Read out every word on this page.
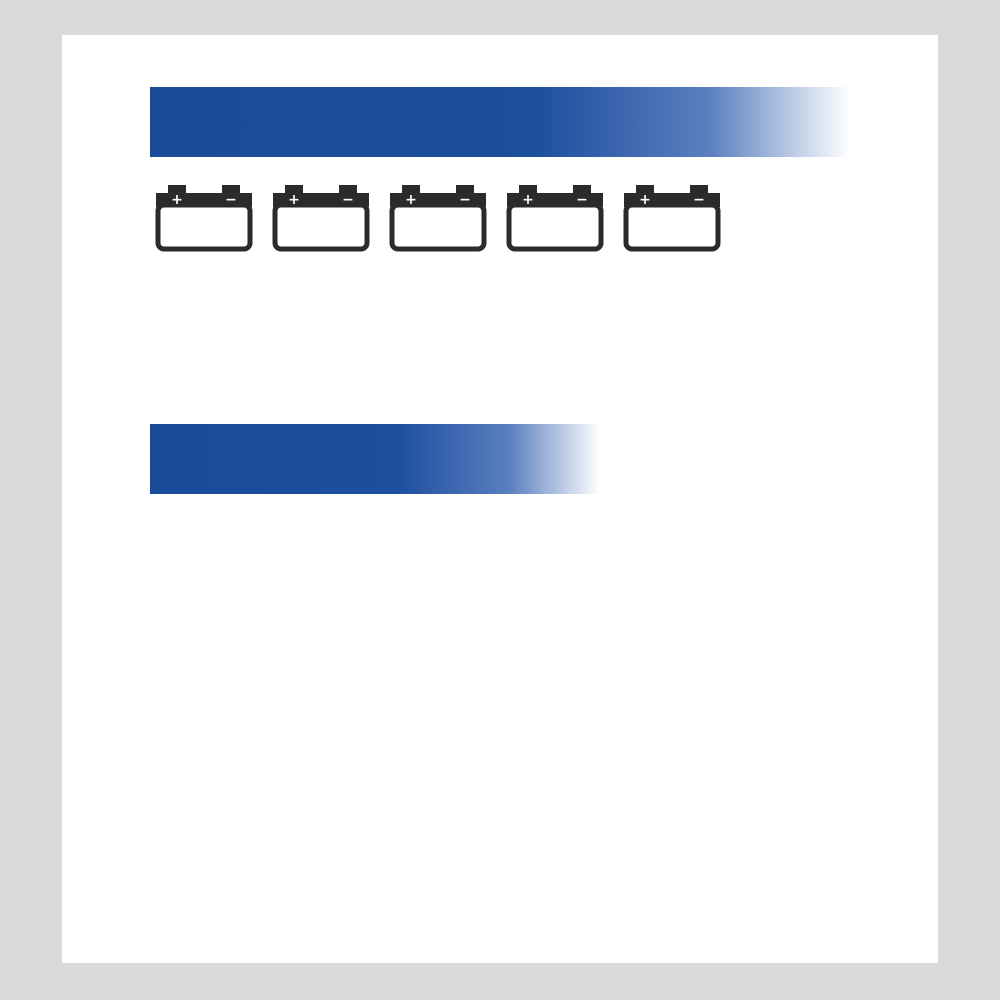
+	−	+	−	+	−	+	−	+	−
